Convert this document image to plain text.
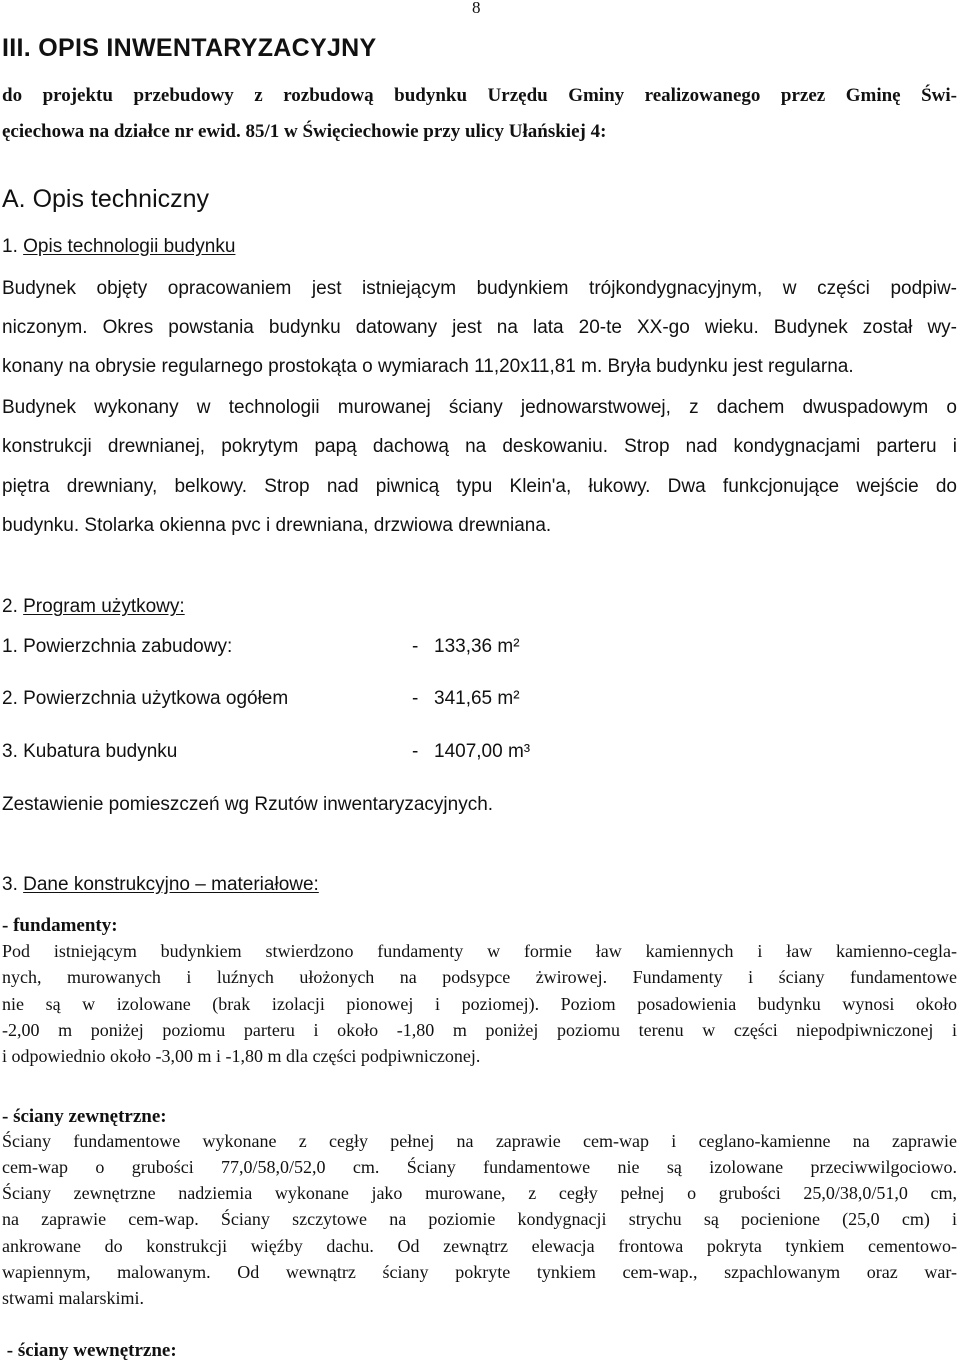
8
III. OPIS INWENTARYZACYJNY
do projektu przebudowy z rozbudową budynku Urzędu Gminy realizowanego przez Gminę Świ-
ęciechowa na działce nr ewid. 85/1 w Święciechowie przy ulicy Ułańskiej 4:
A. Opis techniczny
1. Opis technologii budynku
Budynek objęty opracowaniem jest istniejącym budynkiem trójkondygnacyjnym, w części podpiw-
niczonym. Okres powstania budynku datowany jest na lata 20-te XX-go wieku. Budynek został wy-
konany na obrysie regularnego prostokąta o wymiarach 11,20x11,81 m. Bryła budynku jest regularna.
Budynek wykonany w technologii murowanej ściany jednowarstwowej, z dachem dwuspadowym o
konstrukcji drewnianej, pokrytym papą dachową na deskowaniu. Strop nad kondygnacjami parteru i
piętra drewniany, belkowy. Strop nad piwnicą typu Klein'a, łukowy. Dwa funkcjonujące wejście do
budynku. Stolarka okienna pvc i drewniana, drzwiowa drewniana.
2. Program użytkowy:
1. Powierzchnia zabudowy:	- 133,36 m²
2. Powierzchnia użytkowa ogółem	- 341,65 m²
3. Kubatura budynku	- 1407,00 m³
Zestawienie pomieszczeń wg Rzutów inwentaryzacyjnych.
3. Dane konstrukcyjno – materiałowe:
- fundamenty:
Pod istniejącym budynkiem stwierdzono fundamenty w formie ław kamiennych i ław kamienno-cegla-
nych, murowanych i luźnych ułożonych na podsypce żwirowej. Fundamenty i ściany fundamentowe
nie są w izolowane (brak izolacji pionowej i poziomej). Poziom posadowienia budynku wynosi około
-2,00 m poniżej poziomu parteru i około -1,80 m poniżej poziomu terenu w części niepodpiwniczonej i
i odpowiednio około -3,00 m i -1,80 m dla części podpiwniczonej.
- ściany zewnętrzne:
Ściany fundamentowe wykonane z cegły pełnej na zaprawie cem-wap i ceglano-kamienne na zaprawie
cem-wap o grubości 77,0/58,0/52,0 cm. Ściany fundamentowe nie są izolowane przeciwwilgociowo.
Ściany zewnętrzne nadziemia wykonane jako murowane, z cegły pełnej o grubości 25,0/38,0/51,0 cm,
na zaprawie cem-wap. Ściany szczytowe na poziomie kondygnacji strychu są pocienione (25,0 cm) i
ankrowane do konstrukcji więźby dachu. Od zewnątrz elewacja frontowa pokryta tynkiem cementowo-
wapiennym, malowanym. Od wewnątrz ściany pokryte tynkiem cem-wap., szpachlowanym oraz war-
stwami malarskimi.
- ściany wewnętrzne:
